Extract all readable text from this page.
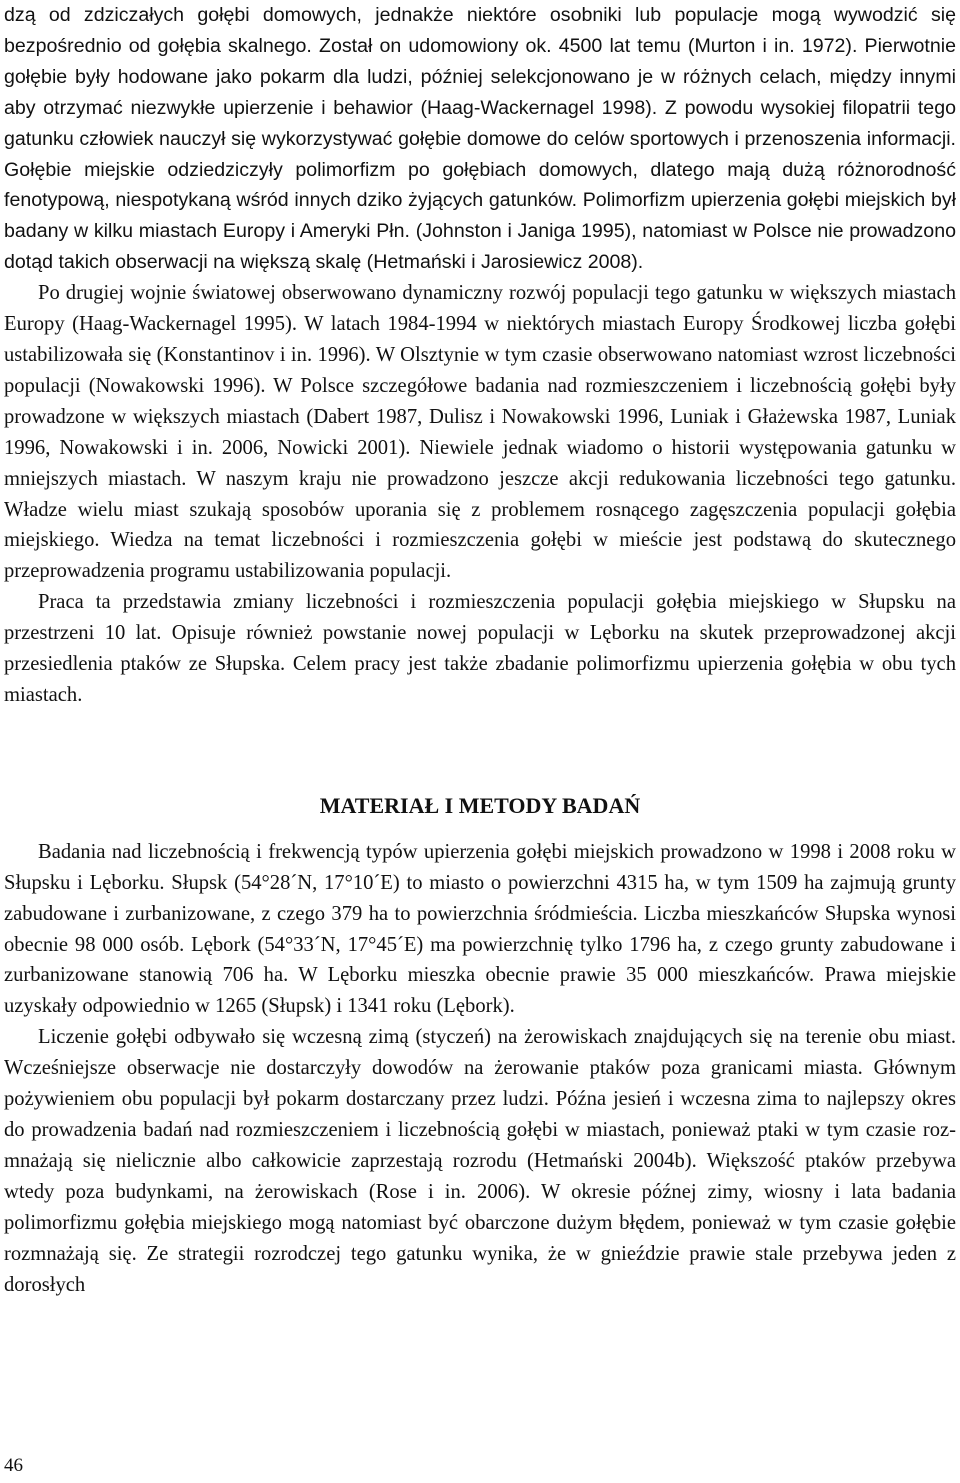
dzą od zdziczałych gołębi domowych, jednakże niektóre osobniki lub populacje mogą wywodzić się bezpośrednio od gołębia skalnego. Został on udomowiony ok. 4500 lat temu (Murton i in. 1972). Pierwotnie gołębie były hodowane jako pokarm dla ludzi, później selekcjonowano je w różnych celach, między innymi aby otrzymać niezwykłe upierzenie i behawior (Haag-Wackernagel 1998). Z powodu wysokiej filopatrii tego gatunku człowiek nauczył się wykorzystywać gołębie domowe do celów sportowych i przenoszenia informacji. Gołębie miejskie odziedziczyły polimorfizm po gołębiach domowych, dlatego mają dużą różnorodność fenotypową, niespotykaną wśród innych dziko żyjących gatunków. Polimorfizm upierzenia gołębi miejskich był badany w kilku miastach Europy i Ameryki Płn. (Johnston i Janiga 1995), natomiast w Polsce nie prowadzono dotąd takich obserwacji na większą skalę (Hetmański i Jarosiewicz 2008).

Po drugiej wojnie światowej obserwowano dynamiczny rozwój populacji tego gatunku w większych miastach Europy (Haag-Wackernagel 1995). W latach 1984-1994 w niektórych miastach Europy Środkowej liczba gołębi ustabilizowała się (Konstantinov i in. 1996). W Olsztynie w tym czasie obserwowano natomiast wzrost liczebności populacji (Nowakowski 1996). W Polsce szczegółowe badania nad rozmieszczeniem i liczebnością gołębi były prowadzone w większych miastach (Dabert 1987, Dulisz i Nowakowski 1996, Luniak i Głażewska 1987, Luniak 1996, Nowakowski i in. 2006, Nowicki 2001). Niewiele jednak wiadomo o historii występowania gatunku w mniejszych miastach. W naszym kraju nie prowadzono jeszcze akcji redukowania liczebności tego gatunku. Władze wielu miast szukają sposobów uporania się z problemem rosnącego zagęszczenia populacji gołębia miejskiego. Wiedza na temat liczebności i rozmieszczenia gołębi w mieście jest podstawą do skutecznego przeprowadzenia programu ustabilizowania populacji.

Praca ta przedstawia zmiany liczebności i rozmieszczenia populacji gołębia miejskiego w Słupsku na przestrzeni 10 lat. Opisuje również powstanie nowej populacji w Lęborku na skutek przeprowadzonej akcji przesiedlenia ptaków ze Słupska. Celem pracy jest także zbadanie polimorfizmu upierzenia gołębia w obu tych miastach.

MATERIAŁ I METODY BADAŃ

Badania nad liczebnością i frekwencją typów upierzenia gołębi miejskich prowadzono w 1998 i 2008 roku w Słupsku i Lęborku. Słupsk (54°28´N, 17°10´E) to miasto o powierzchni 4315 ha, w tym 1509 ha zajmują grunty zabudowane i zurbanizowane, z czego 379 ha to powierzchnia śródmieścia. Liczba mieszkańców Słupska wynosi obecnie 98 000 osób. Lębork (54°33´N, 17°45´E) ma powierzchnię tylko 1796 ha, z czego grunty zabudowane i zurbanizowane stanowią 706 ha. W Lęborku mieszka obecnie prawie 35 000 mieszkańców. Prawa miejskie uzyskały odpowiednio w 1265 (Słupsk) i 1341 roku (Lębork).

Liczenie gołębi odbywało się wczesną zimą (styczeń) na żerowiskach znajdujących się na terenie obu miast. Wcześniejsze obserwacje nie dostarczyły dowodów na żerowanie ptaków poza granicami miasta. Głównym pożywieniem obu populacji był pokarm dostarczany przez ludzi. Późna jesień i wczesna zima to najlepszy okres do prowadzenia badań nad rozmieszczeniem i liczebnością gołębi w miastach, ponieważ ptaki w tym czasie rozmnażają się nielicznie albo całkowicie zaprzestają rozrodu (Hetmański 2004b). Większość ptaków przebywa wtedy poza budynkami, na żerowiskach (Rose i in. 2006). W okresie późnej zimy, wiosny i lata badania polimorfizmu gołębia miejskiego mogą natomiast być obarczone dużym błędem, ponieważ w tym czasie gołębie rozmnażają się. Ze strategii rozrodczej tego gatunku wynika, że w gnieździe prawie stale przebywa jeden z dorosłych

46
